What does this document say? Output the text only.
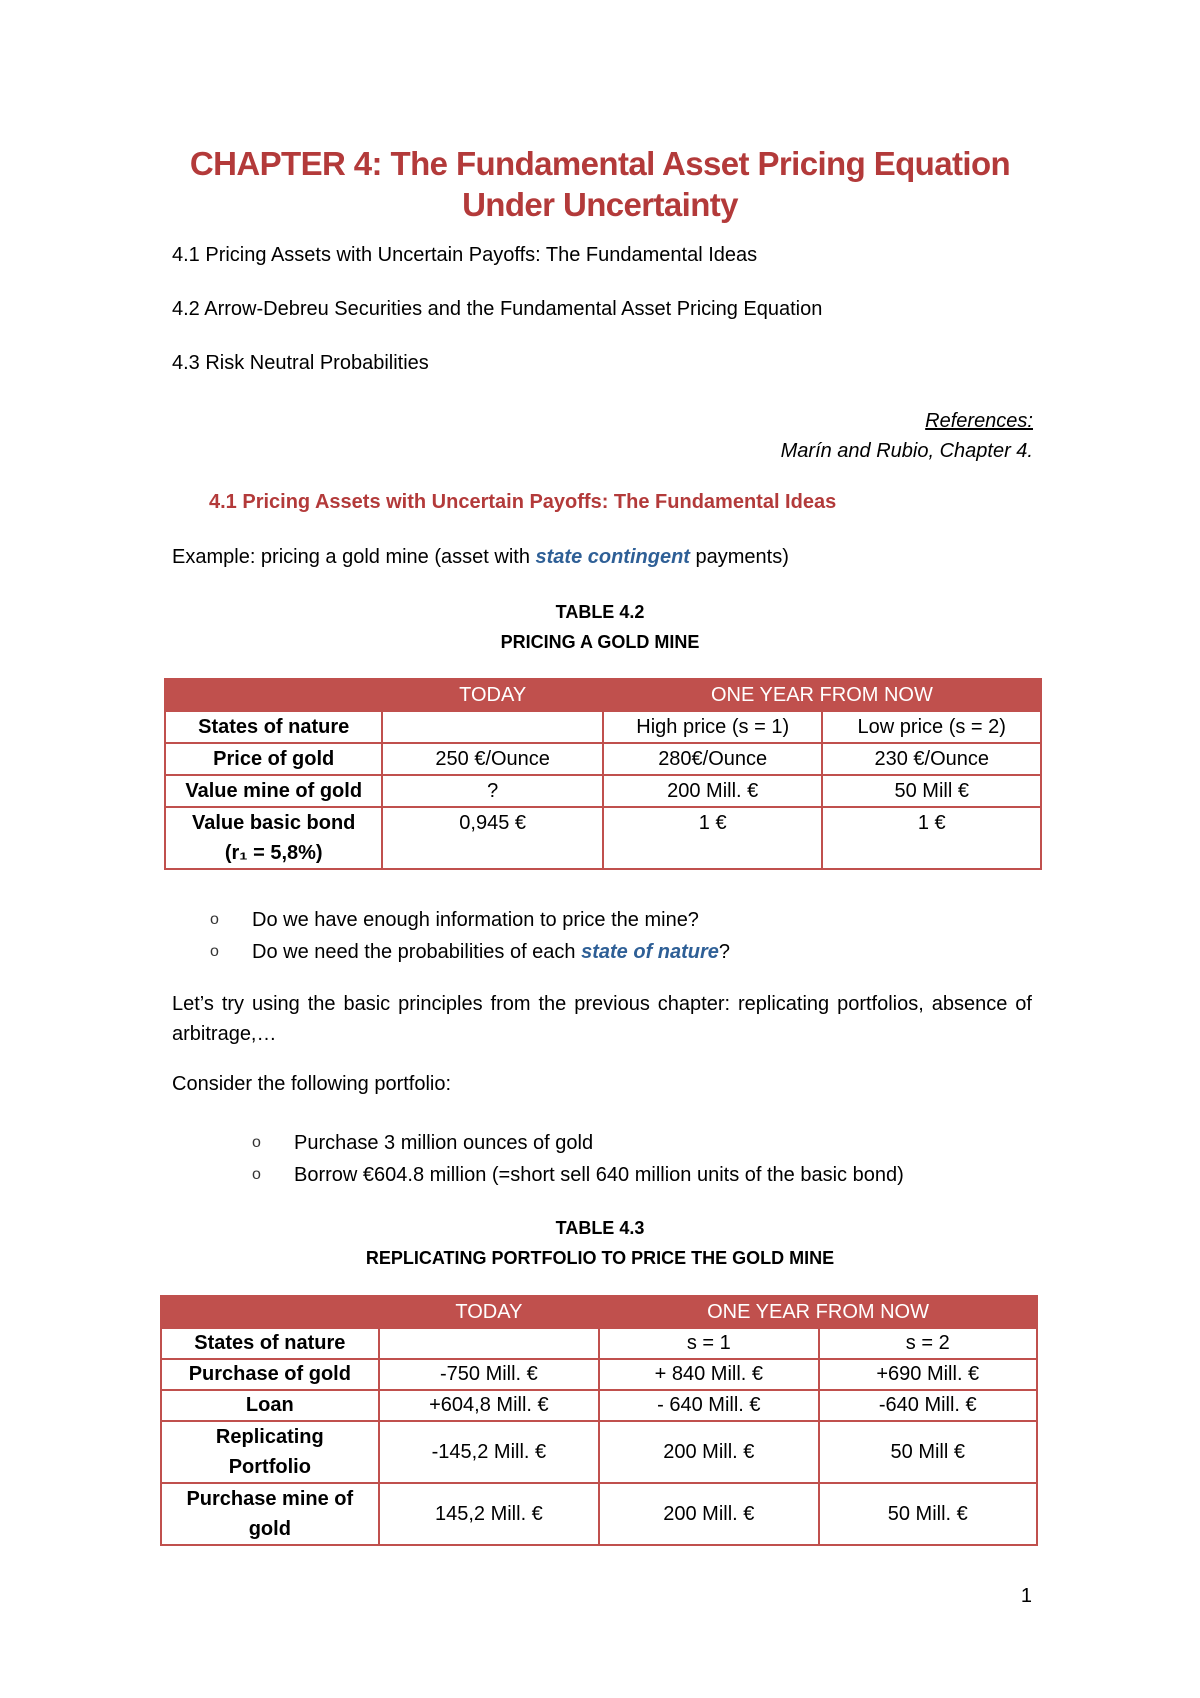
CHAPTER 4: The Fundamental Asset Pricing Equation
Under Uncertainty
4.1 Pricing Assets with Uncertain Payoffs: The Fundamental Ideas
4.2 Arrow-Debreu Securities and the Fundamental Asset Pricing Equation
4.3 Risk Neutral Probabilities
References:
Marín and Rubio, Chapter 4.
4.1 Pricing Assets with Uncertain Payoffs: The Fundamental Ideas
Example: pricing a gold mine (asset with state contingent payments)
TABLE 4.2
PRICING A GOLD MINE
	TODAY	ONE YEAR FROM NOW	
States of nature		High price (s = 1)	Low price (s = 2)
Price of gold	250 €/Ounce	280€/Ounce	230 €/Ounce
Value mine of gold	?	200 Mill. €	50 Mill €

Value basic bond
(r₁ = 5,8%)	0,945 €	1 €	1 €
o Do we have enough information to price the mine?
o Do we need the probabilities of each state of nature?
Let’s try using the basic principles from the previous chapter: replicating portfolios, absence of arbitrage,…
Consider the following portfolio:
o Purchase 3 million ounces of gold
o Borrow €604.8 million (=short sell 640 million units of the basic bond)
TABLE 4.3
REPLICATING PORTFOLIO TO PRICE THE GOLD MINE
	TODAY	ONE YEAR FROM NOW	
States of nature		s = 1	s = 2
Purchase of gold	-750 Mill. €	+ 840 Mill. €	+690 Mill. €
Loan	+604,8 Mill. €	- 640 Mill. €	-640 Mill. €

Replicating
Portfolio	-145,2 Mill. €	200 Mill. €	50 Mill €

Purchase mine of
gold	145,2 Mill. €	200 Mill. €	50 Mill. €
1
